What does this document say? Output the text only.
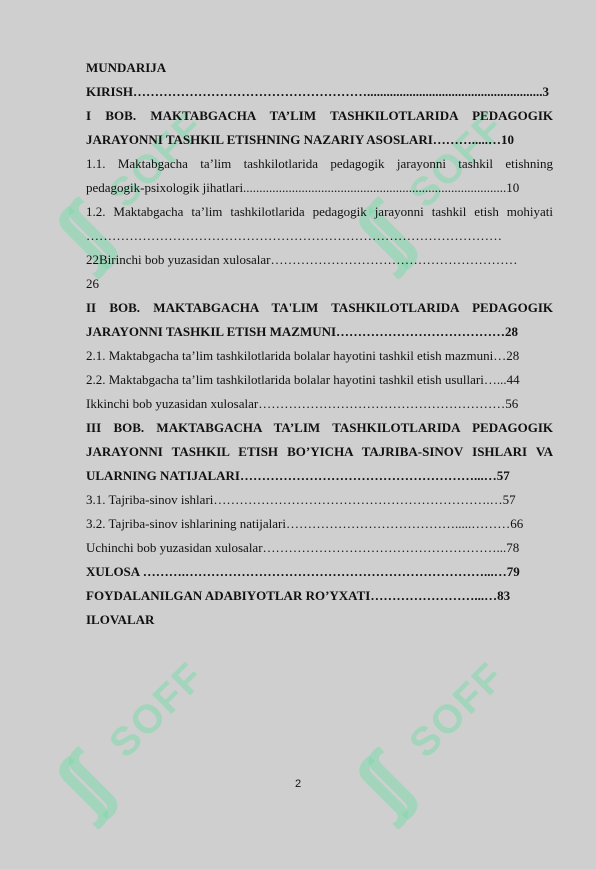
∫∫
SOFF
∫∫
SOFF
∫∫
SOFF
∫∫
SOFF

MUNDARIJA

KIRISH………………………………………………......................................................3

I BOB. MAKTABGACHA TA’LIM TASHKILOTLARIDA PEDAGOGIK

JARAYONNI TASHKIL ETISHNING NAZARIY ASOSLARI……….....…10

1.1. Maktabgacha ta’lim tashkilotlarida pedagogik jarayonni tashkil etishning

pedagogik-psixologik jihatlari.................................................................................10

1.2. Maktabgacha ta’lim tashkilotlarida pedagogik jarayonni tashkil etish mohiyati

……………………………………………………………………………………

22Birinchi bob yuzasidan xulosalar…………………………………………………

26

II BOB. MAKTABGACHA TA'LIM TASHKILOTLARIDA PEDAGOGIK

JARAYONNI TASHKIL ETISH MAZMUNI…………………………………28

2.1. Maktabgacha ta’lim tashkilotlarida bolalar hayotini tashkil etish mazmuni…28

2.2. Maktabgacha ta’lim tashkilotlarida bolalar hayotini tashkil etish usullari…...44

Ikkinchi bob yuzasidan xulosalar…………………………………………………56

III BOB. MAKTABGACHA TA’LIM TASHKILOTLARIDA PEDAGOGIK

JARAYONNI TASHKIL ETISH BO’YICHA TAJRIBA-SINOV ISHLARI VA

ULARNING NATIJALARI………………………………………………...…57

3.1. Tajriba-sinov ishlari……………………………………………………….…57

3.2. Tajriba-sinov ishlarining natijalari………………………………….....………66

Uchinchi bob yuzasidan xulosalar………………………………………………...78

XULOSA ……….……………………………………………………………...…79

FOYDALANILGAN ADABIYOTLAR RO’YXATI……………………...…83

ILOVALAR

2
